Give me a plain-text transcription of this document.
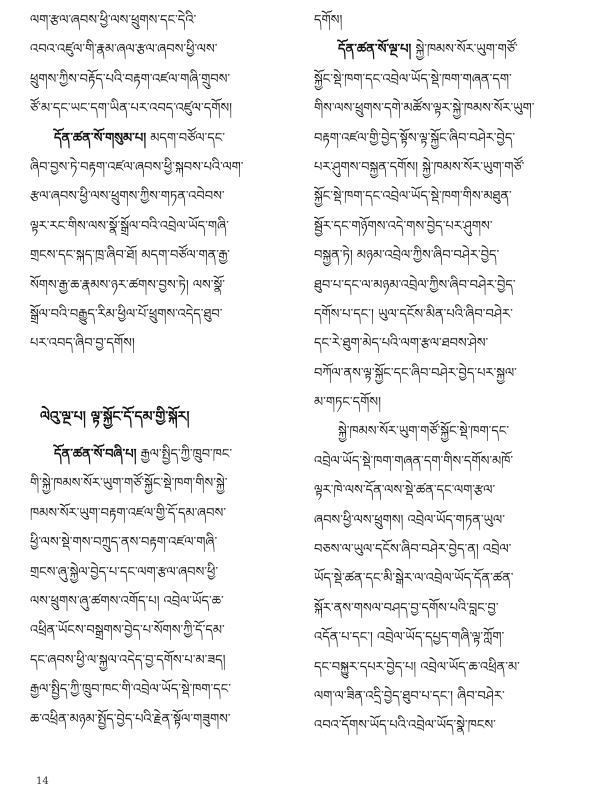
ལག་རྩལ་ཞབས་ཕྱི་ལས་ཕྲུགས་དང་དེའི་
འབའ་འཛུལ་གི་རྣམ་ཞལ་རྩལ་ཞབས་ཕྱི་ལས་
ཕྲུགས་ཀྱིས་བརྟོད་པའི་བརྟག་འཛལ་གཞི་གྲུབས་
ཙོ་མ་དང་ཡང་དག་ཡིན་པར་འབད་འཛུལ་དགོས།
དོན་ཚན་སོ་གསུམ་པ། མདག་བཙོལ་དང་
ཞིབ་བྱས་ཏེ་བརྟག་འཛལ་ཞབས་ཕྱི་སྐབས་པའི་ལག་
རྩལ་ཞབས་ཕྱི་ལས་ཕྲུགས་ཀྱིས་གཏན་འབེབས་
ལྟར་རང་གིས་ལས་སྣོ་སྒྲོལ་བའི་འབྲེལ་ཡོད་གཞི་
གྲངས་དང་སྐད་ཁྲ་ཞིབ་ཐོ། མདག་བཙོལ་གན་རྒྱ་
སོགས་རྒྱ་ཆ་རྣམས་ཉར་ཚགས་བྱས་ཏེ། ལས་སྣོ་
སྒྲོལ་བའི་བརྒྱུད་རིམ་ཕྱིལ་པོ་ཕྲུགས་འདེད་ཐུབ་
པར་འབད་ཞིབ་བྱ་དགོས།
ལེའུ་ལྔ་པ། ལྟ་སྐྱོང་དོ་དམ་གྱི་སྐོར།
དོན་ཚན་སོ་བཞི་པ། རྒྱལ་སྤྱིད་ཀྱི་ཁྲུབ་ཁང་
གི་སྐྱེ་ཁམས་སོར་ཡུག་གཙོ་སྐྱོང་སྡེ་ཁག་གིས་སྐྱེ་
ཁམས་སོར་ཡུག་བརྟག་འཛལ་གྱི་དོ་དམ་ཞབས་
ཕྱི་ལས་སྡེ་གས་བཀྲུད་ནས་བརྟག་འཛལ་གཞི་
གྲངས་ཞུ་སྐྱེལ་བྱེད་པ་དང་ལག་རྩལ་ཞབས་ཕྱི་
ལས་ཕྲུགས་ཞུ་ཚགས་འགོད་པ། འབྲེལ་ཡོད་ཆ་
འཕྲིན་ཡོངས་བསྒྲགས་བྱེད་པ་སོགས་ཀྱི་དོ་དམ་
དང་ཞབས་ཕྱི་ལ་སྐྱལ་འདེད་བྱ་དགོས་པ་མ་ཟད།
རྒྱལ་སྤྱིད་ཀྱི་ཁྲུབ་ཁང་གི་འབྲེལ་ཡོད་སྡེ་ཁག་དང་
ཆ་འཕྲིན་མཉམ་སྤྱོད་བྱེད་པའི་རྗེན་སྟོལ་གཟུགས་
དགོས།
དོན་ཚན་སོ་ལྔ་པ། སྐྱེ་ཁམས་སོར་ཡུག་གཙོ་
སྐྱོང་སྡེ་ཁག་དང་འབྲེལ་ཡོད་སྡེ་ཁག་གཞན་དག་
གིས་ལས་ཕྲུགས་དགེ་མཚོས་ལྟར་སྐྱེ་ཁམས་སོར་ཡུག་
བརྟག་འཛལ་གྱི་བྱེད་སྟོས་ལྟ་སྐྱོང་ཞིབ་བཤེར་བྱེད་
པར་ཤུགས་བསྐྱན་དགོས། སྐྱེ་ཁམས་སོར་ཡུག་གཙོ་
སྐྱོང་སྡེ་ཁག་དང་འབྲེལ་ཡོད་སྡེ་ཁག་གིས་མཐུན་
སྦྱོར་དང་གཉོགས་འདེ་གས་བྱེད་པར་ཤུགས་
བསྐྱན་ཏེ། མཉམ་འབྲེལ་ཀྱིས་ཞིབ་བཤེར་བྱེད་
ཐུབ་པ་དང་ལ་མཉམ་འབྲེལ་ཀྱིས་ཞིབ་བཤེར་བྱེད་
དགོས་པ་དང་། ཡུལ་དངོས་མིན་པའི་ཞིབ་བཤེར་
དང་རེ་ཐུག་མེད་པའི་ལག་རྩལ་ཐབས་ཤེས་
བཀོལ་ནས་ལྟ་སྐྱོང་དང་ཞིབ་བཤེར་བྱེད་པར་སྐྱལ་
མ་གཏང་དགོས།
སྐྱེ་ཁམས་སོར་ཡུག་གཙོ་སྐྱོང་སྡེ་ཁག་དང་
འབྲེལ་ཡོད་སྡེ་ཁག་གཞན་དག་གིས་དགོས་མཁོ་
ལྟར་ཁེ་ལས་དོན་ལས་སྡེ་ཚན་དང་ལག་རྩལ་
ཞབས་ཕྱི་ལས་ཕྲུགས། འབྲེལ་ཡོད་གཏན་ཡུལ་
བཅས་ལ་ཡུལ་དངོས་ཞིབ་བཤེར་བྱེད་ན། འབྲེལ་
ཡོད་སྡེ་ཚན་དང་མི་སྒེར་ལ་འབྲེལ་ཡོད་དོན་ཚན་
སྐོར་ནས་གསལ་བཤད་བྱ་དགོས་པའི་བླང་བྱ་
འདོན་པ་དང་། འབྲེལ་ཡོད་དཔྱད་གཞི་ལྟ་ཀློག་
དང་བསྐྱུར་དཔར་བྱེད་པ། འབྲེལ་ཡོད་ཆ་འཕྲིན་མ་
ལག་ལ་ཟིན་འདྲི་བྱེད་ཐུབ་པ་དང་། ཞིབ་བཤེར་
འབའ་དོགས་ཡོད་པའི་འབྲེལ་ཡོད་སྣེ་ཁངས་
14
